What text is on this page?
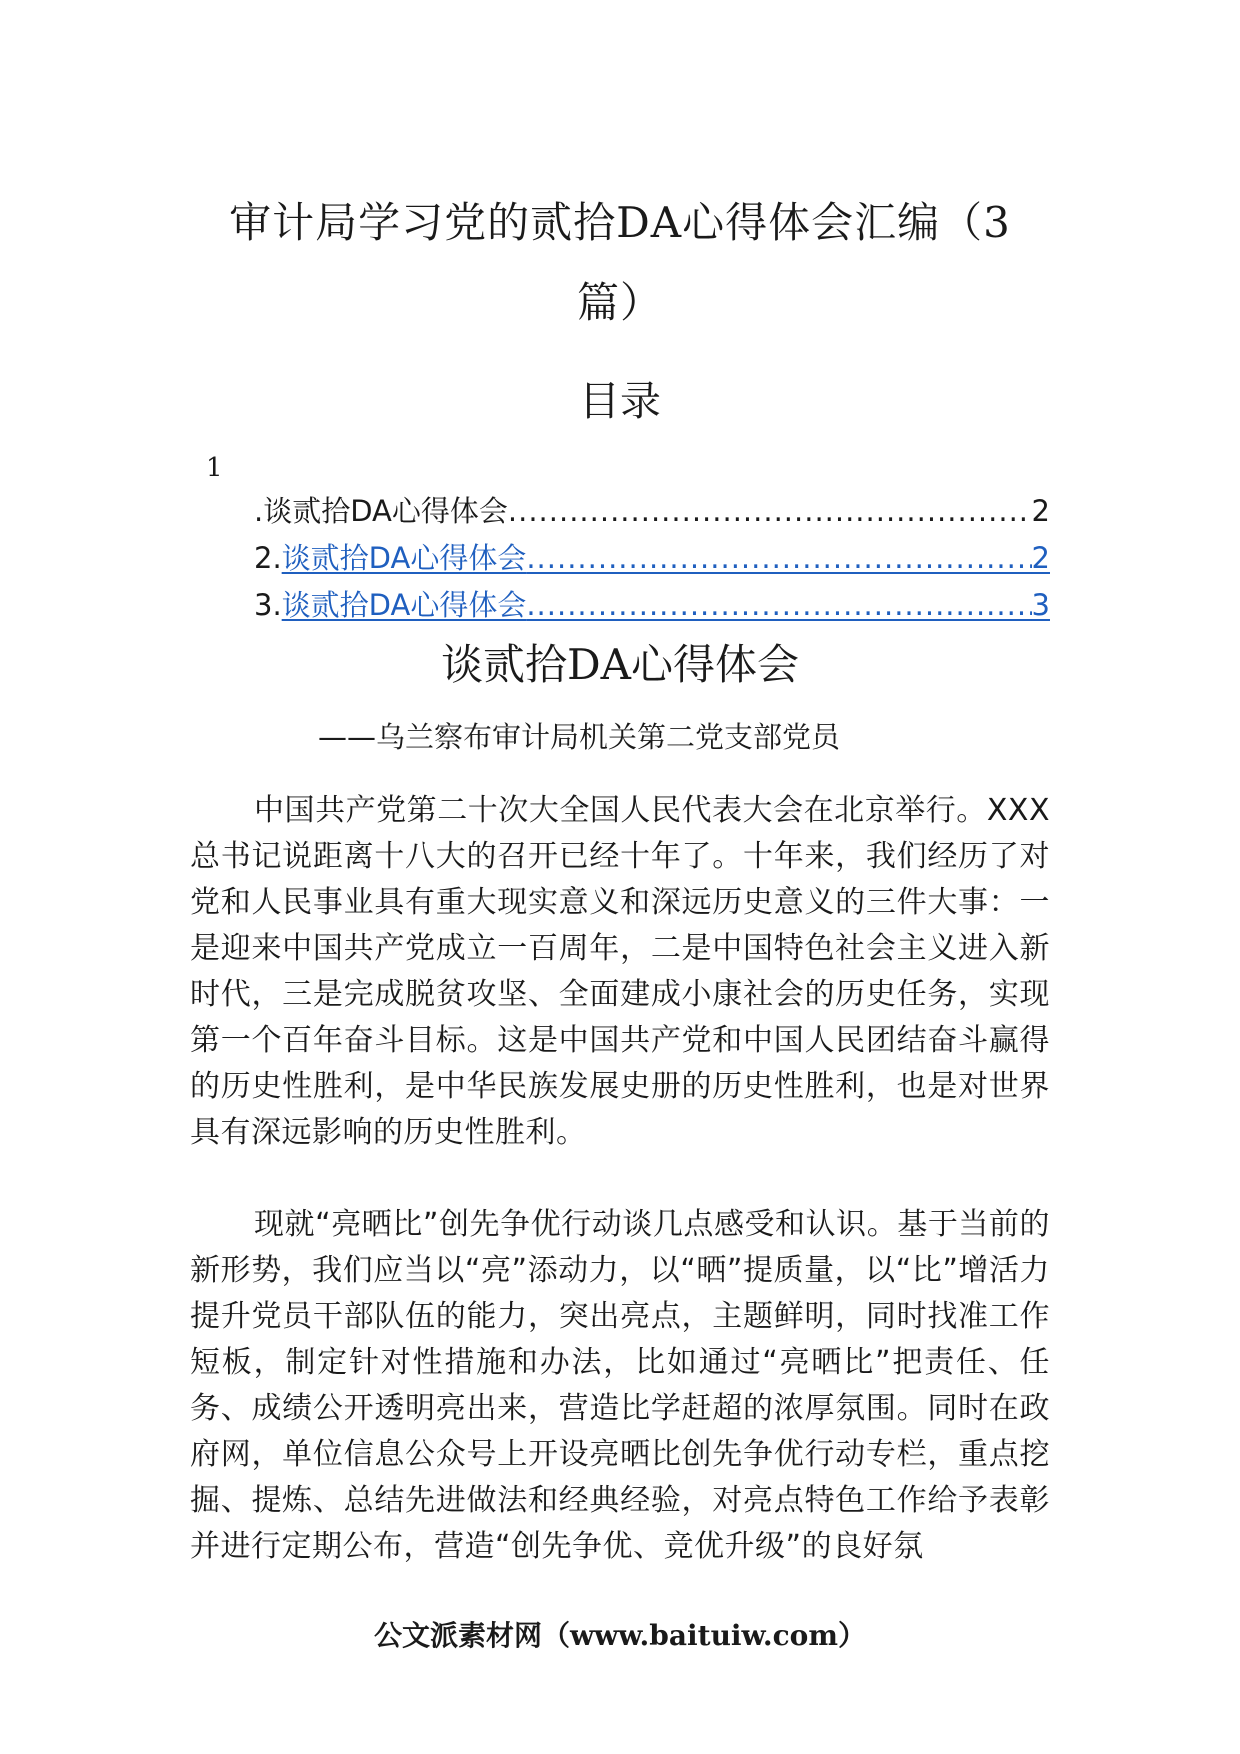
审计局学习党的贰拾DA心得体会汇编（3
篇）
目录
1
. 谈贰拾DA心得体会 .....	2
2. 谈贰拾DA心得体会 .....	2
3. 谈贰拾DA心得体会 .....	3
谈贰拾DA心得体会
——乌兰察布审计局机关第二党支部党员

中国共产党第二十次大全国人民代表大会在北京举行。XXX总书记说距离十八大的召开已经十年了。十年来，我们经历了对党和人民事业具有重大现实意义和深远历史意义的三件大事：一是迎来中国共产党成立一百周年，二是中国特色社会主义进入新时代，三是完成脱贫攻坚、全面建成小康社会的历史任务，实现第一个百年奋斗目标。这是中国共产党和中国人民团结奋斗赢得的历史性胜利，是中华民族发展史册的历史性胜利，也是对世界具有深远影响的历史性胜利。

现就“亮晒比”创先争优行动谈几点感受和认识。基于当前的新形势，我们应当以“亮”添动力，以“晒”提质量，以“比”增活力提升党员干部队伍的能力，突出亮点，主题鲜明，同时找准工作短板，制定针对性措施和办法，比如通过“亮晒比”把责任、任务、成绩公开透明亮出来，营造比学赶超的浓厚氛围。同时在政府网，单位信息公众号上开设亮晒比创先争优行动专栏，重点挖掘、提炼、总结先进做法和经典经验，对亮点特色工作给予表彰并进行定期公布，营造“创先争优、竞优升级”的良好氛

公文派素材网（www.baituiw.com）
